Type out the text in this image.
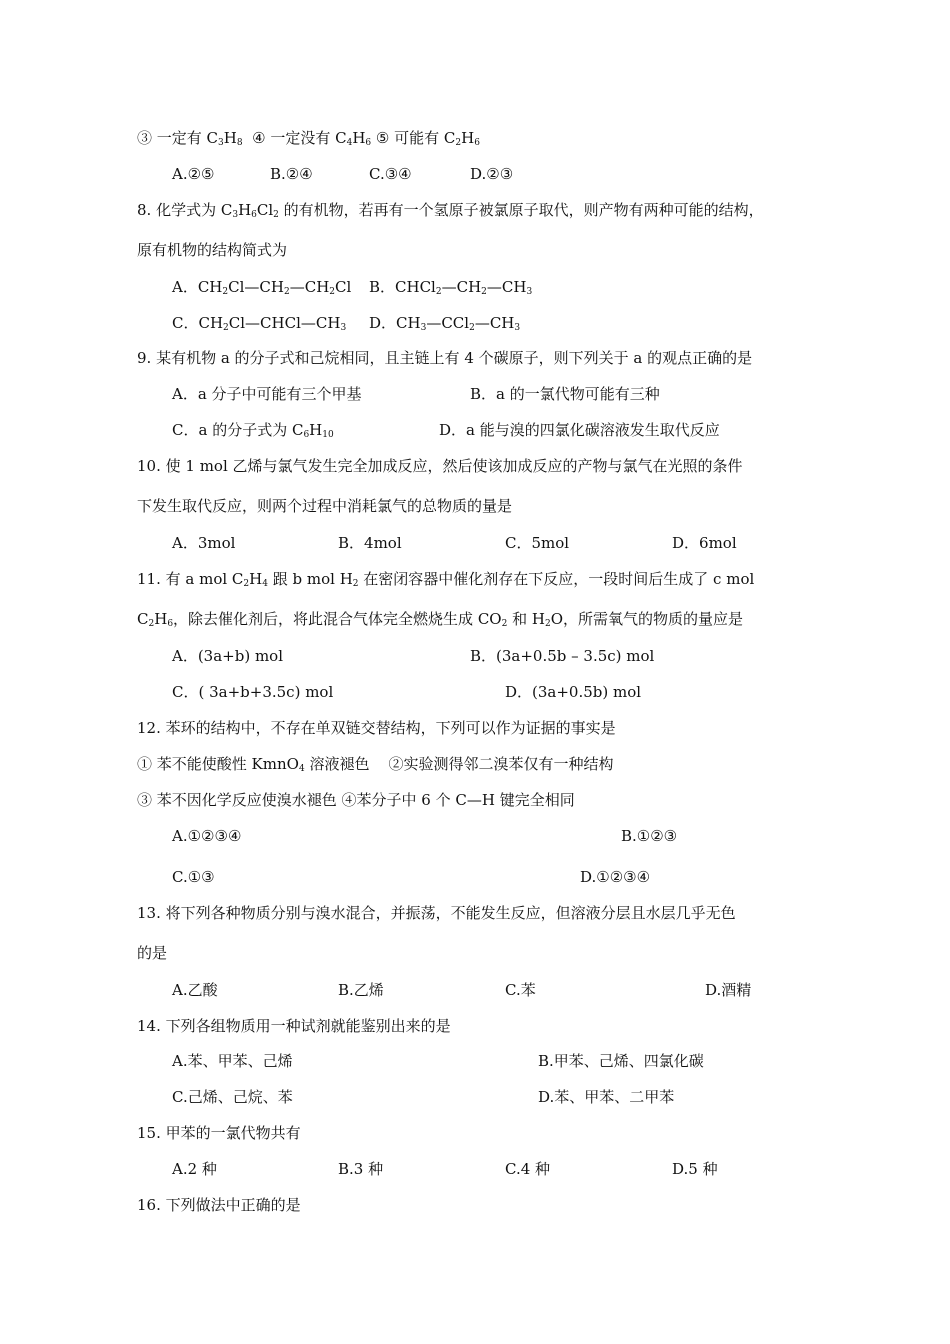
③ 一定有 $C_3H_8$  ④ 一定没有 $C_4H_6$ ⑤ 可能有 $C_2H_6$
A.②⑤	B.②④	C.③④	D.②③
8. 化学式为 $C_3H_6Cl_2$ 的有机物，若再有一个氢原子被氯原子取代，则产物有两种可能的结构，
原有机物的结构简式为
A．$CH_2Cl—CH_2—CH_2Cl$ B．$CHCl_2—CH_2—CH_3$
C．$CH_2Cl—CHCl—CH_3$ D．$CH_3—CCl_2—CH_3$
9. 某有机物 a 的分子式和己烷相同，且主链上有 4 个碳原子，则下列关于 a 的观点正确的是
A．a 分子中可能有三个甲基	B．a 的一氯代物可能有三种
C．a 的分子式为 $C_6H_{10}$	D．a 能与溴的四氯化碳溶液发生取代反应
10. 使 1 mol 乙烯与氯气发生完全加成反应，然后使该加成反应的产物与氯气在光照的条件
下发生取代反应，则两个过程中消耗氯气的总物质的量是
A．3mol	B．4mol	C．5mol	D．6mol
11. 有 a mol $C_2H_4$ 跟 b mol $H_2$ 在密闭容器中催化剂存在下反应，一段时间后生成了 c mol
$C_2H_6$，除去催化剂后，将此混合气体完全燃烧生成 $CO_2$ 和 $H_2O$，所需氧气的物质的量应是
A．(3a+b) mol	B．(3a+0.5b – 3.5c) mol
C．( 3a+b+3.5c) mol	D．(3a+0.5b) mol
12. 苯环的结构中，不存在单双链交替结构，下列可以作为证据的事实是
① 苯不能使酸性 KmnO$_4$ 溶液褪色    ②实验测得邻二溴苯仅有一种结构
③ 苯不因化学反应使溴水褪色 ④苯分子中 6 个 C—H 键完全相同
A.①②③④	B.①②③
C.①③	D.①②③④
13. 将下列各种物质分别与溴水混合，并振荡，不能发生反应，但溶液分层且水层几乎无色
的是
A.乙酸	B.乙烯	C.苯	D.酒精
14. 下列各组物质用一种试剂就能鉴别出来的是
A.苯、甲苯、己烯	B.甲苯、己烯、四氯化碳
C.己烯、己烷、苯	D.苯、甲苯、二甲苯
15. 甲苯的一氯代物共有
A.2 种	B.3 种	C.4 种	D.5 种
16. 下列做法中正确的是
